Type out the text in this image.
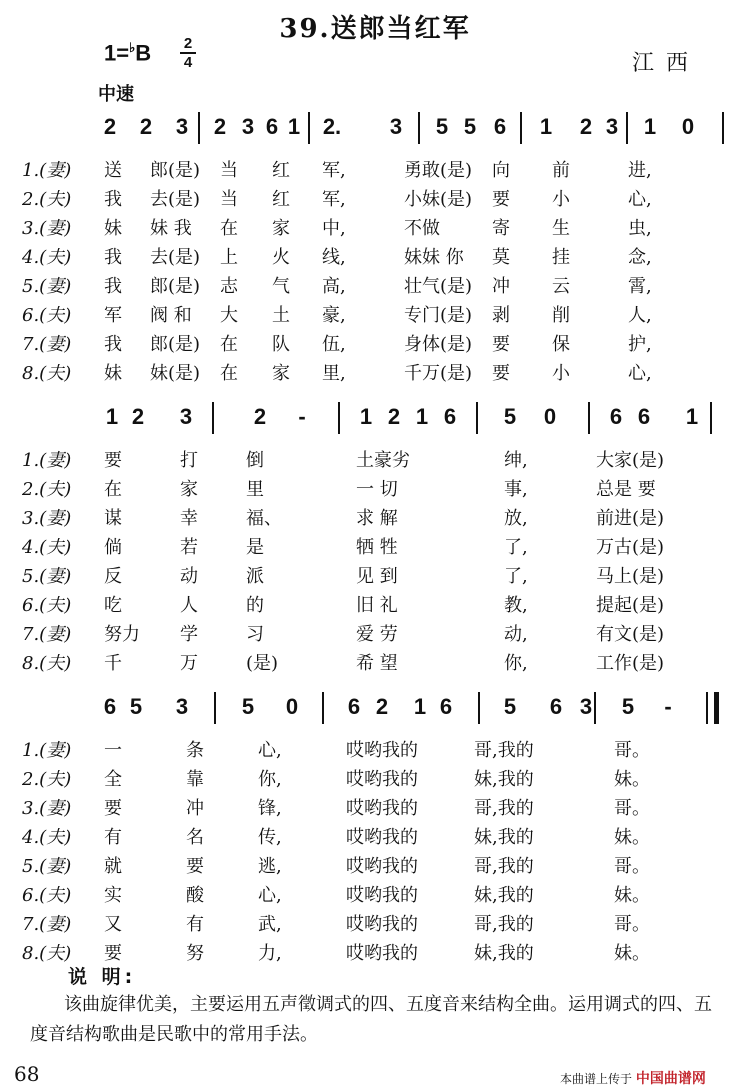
39.送郎当红军
1=♭B	2
4	江西
中速
2 2 3 2 3 6 1 2. 3 5 5 6 1 2 3 1 0
1.(妻)	送 郎(是) 当 红 军,	勇敢(是) 向 前	进,
2.(夫)	我 去(是) 当 红 军,	小妹(是) 要 小	心,
3.(妻)	妹 妹 我 在 家 中,	不做	寄 生	虫,
4.(夫)	我 去(是) 上 火 线,	妹妹 你 莫 挂	念,
5.(妻)	我 郎(是) 志 气 高,	壮气(是) 冲 云	霄,
6.(夫)	军 阀 和 大 土 豪,	专门(是) 剥 削	人,
7.(妻)	我 郎(是) 在 队 伍,	身体(是) 要 保	护,
8.(夫)	妹 妹(是) 在 家 里,	千万(是) 要 小	心,
1 2 3	2 - 1 2 1 6 5 0 6 6 1
1.(妻)	要	打	倒	土豪劣	绅,	大家(是)
2.(夫)	在	家	里	一 切	事,	总是 要
3.(妻)	谋	幸	福、	求 解	放,	前进(是)
4.(夫)	倘	若	是	牺 牲	了,	万古(是)
5.(妻)	反	动	派	见 到	了,	马上(是)
6.(夫)	吃	人	的	旧 礼	教,	提起(是)
7.(妻)	努力 学	习	爱 劳	动,	有文(是)
8.(夫)	千	万	(是)	希 望	你,	工作(是)
6 5 3 5 0 6 2 1 6 5 6 3 5 -
1.(妻)	一	条	心,	哎哟我的	哥,我的	哥。
2.(夫)	全	靠	你,	哎哟我的	妹,我的	妹。
3.(妻)	要	冲	锋,	哎哟我的	哥,我的	哥。
4.(夫)	有	名	传,	哎哟我的	妹,我的	妹。
5.(妻)	就	要	逃,	哎哟我的	哥,我的	哥。
6.(夫)	实	酸	心,	哎哟我的	妹,我的	妹。
7.(妻)	又	有	武,	哎哟我的	哥,我的	哥。
8.(夫)	要	努	力,	哎哟我的	妹,我的	妹。
说 明:
该曲旋律优美，主要运用五声徵调式的四、五度音来结构全曲。运用调式的四、五度音结构歌曲是民歌中的常用手法。
68	本曲谱上传于 中国曲谱网
